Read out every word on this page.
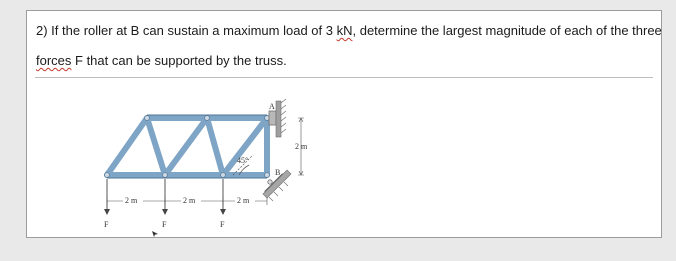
2) If the roller at B can sustain a maximum load of 3 kN, determine the largest magnitude of each of the three
forces F that can be supported by the truss.
A
B
45°
2 m
2 m	2 m	2 m
F	F	F
